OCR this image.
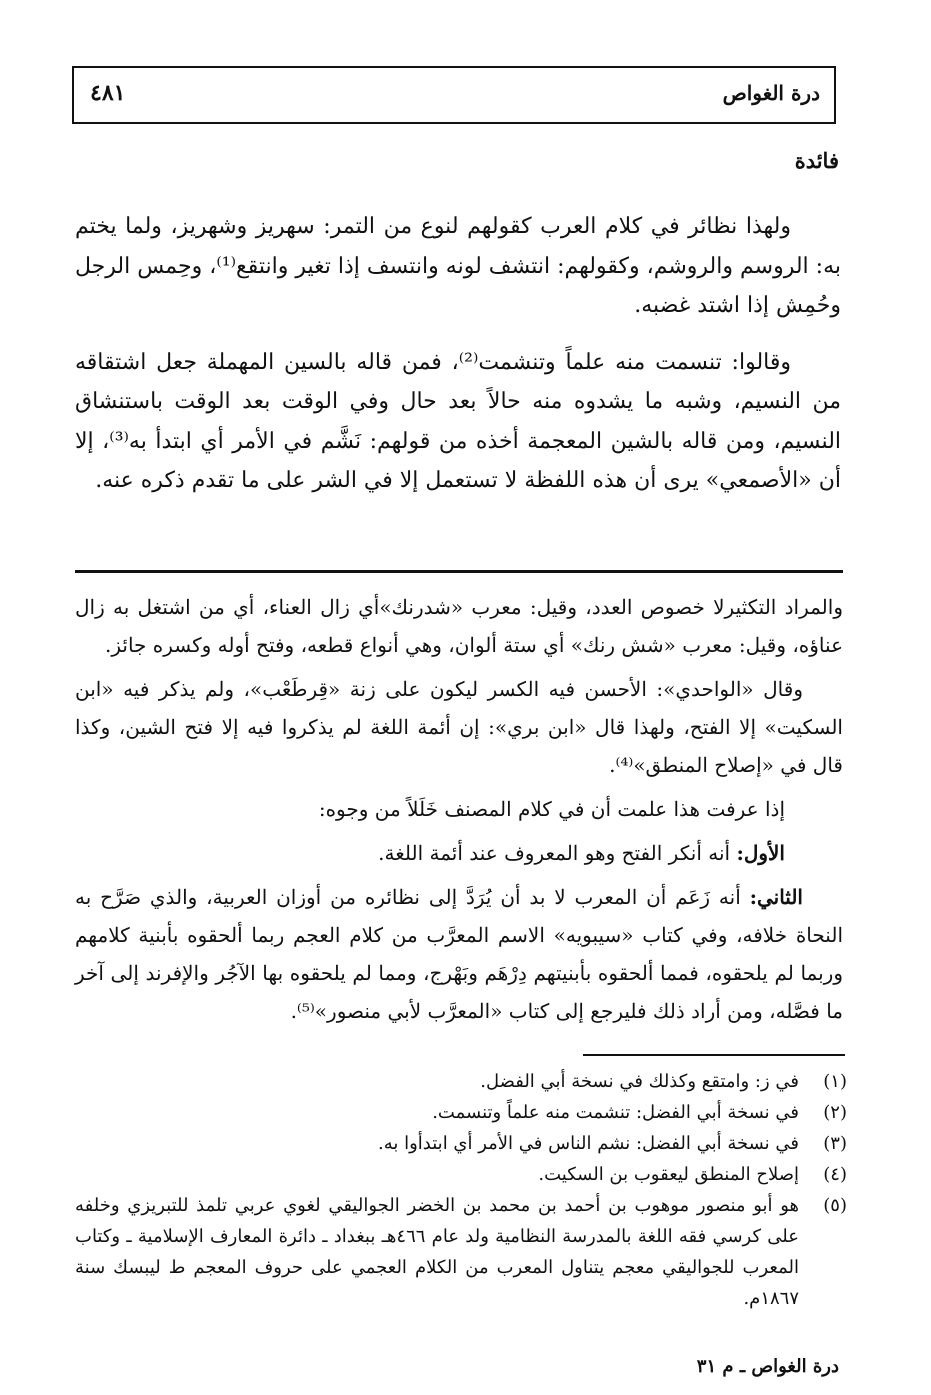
درة الغواص
٤٨١
فائدة

ولهذا نظائر في كلام العرب كقولهم لنوع من التمر: سهريز وشهريز، ولما يختم به: الروسم والروشم، وكقولهم: انتشف لونه وانتسف إذا تغير وانتقع⁽¹⁾، وحِمس الرجل وحُمِش إذا اشتد غضبه.

وقالوا: تنسمت منه علماً وتنشمت⁽²⁾، فمن قاله بالسين المهملة جعل اشتقاقه من النسيم، وشبه ما يشدوه منه حالاً بعد حال وفي الوقت بعد الوقت باستنشاق النسيم، ومن قاله بالشين المعجمة أخذه من قولهم: نَشَّم في الأمر أي ابتدأ به⁽³⁾، إلا أن «الأصمعي» يرى أن هذه اللفظة لا تستعمل إلا في الشر على ما تقدم ذكره عنه.

والمراد التكثيرلا خصوص العدد، وقيل: معرب «شدرنك»أي زال العناء، أي من اشتغل به زال عناؤه، وقيل: معرب «شش رنك» أي ستة ألوان، وهي أنواع قطعه، وفتح أوله وكسره جائز.

وقال «الواحدي»: الأحسن فيه الكسر ليكون على زنة «قِرطَعْب»، ولم يذكر فيه «ابن السكيت» إلا الفتح، ولهذا قال «ابن بري»: إن أئمة اللغة لم يذكروا فيه إلا فتح الشين، وكذا قال في «إصلاح المنطق»⁽⁴⁾.

إذا عرفت هذا علمت أن في كلام المصنف خَلَلاً من وجوه:

الأول: أنه أنكر الفتح وهو المعروف عند أئمة اللغة.

الثاني: أنه زَعَم أن المعرب لا بد أن يُرَدَّ إلى نظائره من أوزان العربية، والذي صَرَّح به النحاة خلافه، وفي كتاب «سيبويه» الاسم المعرَّب من كلام العجم ربما ألحقوه بأبنية كلامهم وربما لم يلحقوه، فمما ألحقوه بأبنيتهم دِرْهَم وبَهْرج، ومما لم يلحقوه بها الآجُر والإفرند إلى آخر ما فصَّله، ومن أراد ذلك فليرجع إلى كتاب «المعرَّب لأبي منصور»⁽⁵⁾.

(١)
في ز: وامتقع وكذلك في نسخة أبي الفضل.
(٢)
في نسخة أبي الفضل: تنشمت منه علماً وتنسمت.
(٣)
في نسخة أبي الفضل: نشم الناس في الأمر أي ابتدأوا به.
(٤)
إصلاح المنطق ليعقوب بن السكيت.
(٥)
هو أبو منصور موهوب بن أحمد بن محمد بن الخضر الجواليقي لغوي عربي تلمذ للتبريزي وخلفه على كرسي فقه اللغة بالمدرسة النظامية ولد عام ٤٦٦هـ ببغداد ـ دائرة المعارف الإسلامية ـ وكتاب المعرب للجواليقي معجم يتناول المعرب من الكلام العجمي على حروف المعجم ط ليبسك سنة ١٨٦٧م.
درة الغواص ـ م ٣١
